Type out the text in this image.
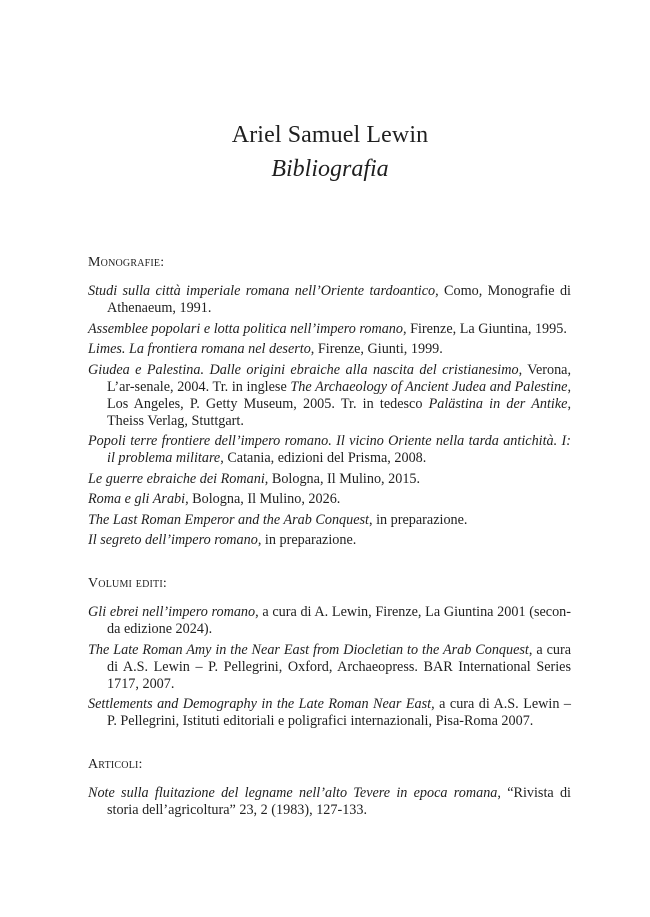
Ariel Samuel Lewin
Bibliografia
Monografie:
Studi sulla città imperiale romana nell’Oriente tardoantico, Como, Monografie di Athenaeum, 1991.
Assemblee popolari e lotta politica nell’impero romano, Firenze, La Giuntina, 1995.
Limes. La frontiera romana nel deserto, Firenze, Giunti, 1999.
Giudea e Palestina. Dalle origini ebraiche alla nascita del cristianesimo, Verona, L’ar-senale, 2004. Tr. in inglese The Archaeology of Ancient Judea and Palestine, Los Angeles, P. Getty Museum, 2005. Tr. in tedesco Palästina in der Antike, Theiss Verlag, Stuttgart.
Popoli terre frontiere dell’impero romano. Il vicino Oriente nella tarda antichità. I: il problema militare, Catania, edizioni del Prisma, 2008.
Le guerre ebraiche dei Romani, Bologna, Il Mulino, 2015.
Roma e gli Arabi, Bologna, Il Mulino, 2026.
The Last Roman Emperor and the Arab Conquest, in preparazione.
Il segreto dell’impero romano, in preparazione.
Volumi editi:
Gli ebrei nell’impero romano, a cura di A. Lewin, Firenze, La Giuntina 2001 (secon-da edizione 2024).
The Late Roman Amy in the Near East from Diocletian to the Arab Conquest, a cura di A.S. Lewin – P. Pellegrini, Oxford, Archaeopress. BAR International Series 1717, 2007.
Settlements and Demography in the Late Roman Near East, a cura di A.S. Lewin – P. Pellegrini, Istituti editoriali e poligrafici internazionali, Pisa-Roma 2007.
Articoli:
Note sulla fluitazione del legname nell’alto Tevere in epoca romana, “Rivista di storia dell’agricoltura” 23, 2 (1983), 127-133.
